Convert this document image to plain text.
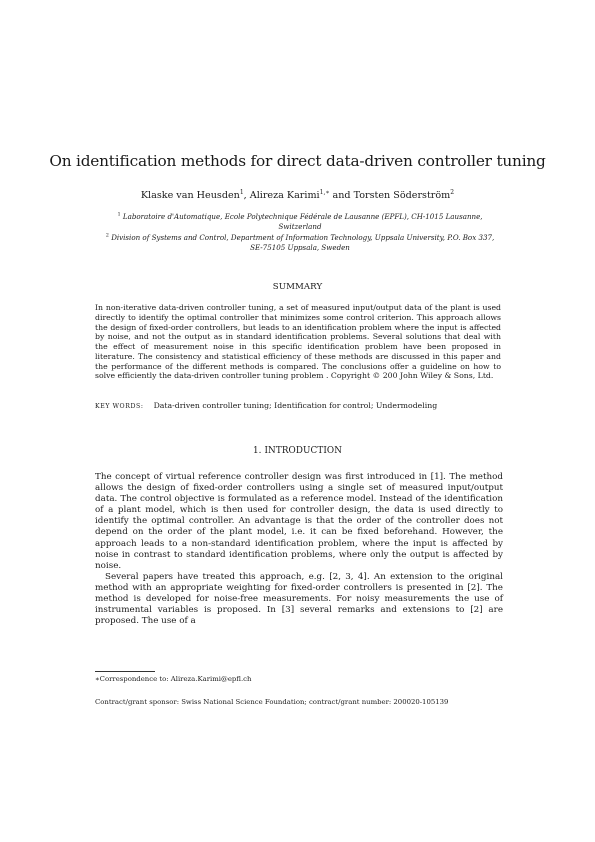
On identification methods for direct data-driven controller tuning
Klaske van Heusden$^1$, Alireza Karimi$^{1,∗}$ and Torsten Söderström$^2$
$^1$ Laboratoire d'Automatique, Ecole Polytechnique Fédérale de Lausanne (EPFL), CH-1015 Lausanne, Switzerland
$^2$ Division of Systems and Control, Department of Information Technology, Uppsala University, P.O. Box 337, SE-75105 Uppsala, Sweden
SUMMARY
In non-iterative data-driven controller tuning, a set of measured input/output data of the plant is used directly to identify the optimal controller that minimizes some control criterion. This approach allows the design of fixed-order controllers, but leads to an identification problem where the input is affected by noise, and not the output as in standard identification problems. Several solutions that deal with the effect of measurement noise in this specific identification problem have been proposed in literature. The consistency and statistical efficiency of these methods are discussed in this paper and the performance of the different methods is compared. The conclusions offer a guideline on how to solve efficiently the data-driven controller tuning problem . Copyright © 200 John Wiley & Sons, Ltd.
KEY WORDS: Data-driven controller tuning; Identification for control; Undermodeling
1. INTRODUCTION

The concept of virtual reference controller design was first introduced in [1]. The method allows the design of fixed-order controllers using a single set of measured input/output data. The control objective is formulated as a reference model. Instead of the identification of a plant model, which is then used for controller design, the data is used directly to identify the optimal controller. An advantage is that the order of the controller does not depend on the order of the plant model, i.e. it can be fixed beforehand. However, the approach leads to a non-standard identification problem, where the input is affected by noise in contrast to standard identification problems, where only the output is affected by noise.

Several papers have treated this approach, e.g. [2, 3, 4]. An extension to the original method with an appropriate weighting for fixed-order controllers is presented in [2]. The method is developed for noise-free measurements. For noisy measurements the use of instrumental variables is proposed. In [3] several remarks and extensions to [2] are proposed. The use of a

∗Correspondence to: Alireza.Karimi@epfl.ch
Contract/grant sponsor: Swiss National Science Foundation; contract/grant number: 200020-105139
